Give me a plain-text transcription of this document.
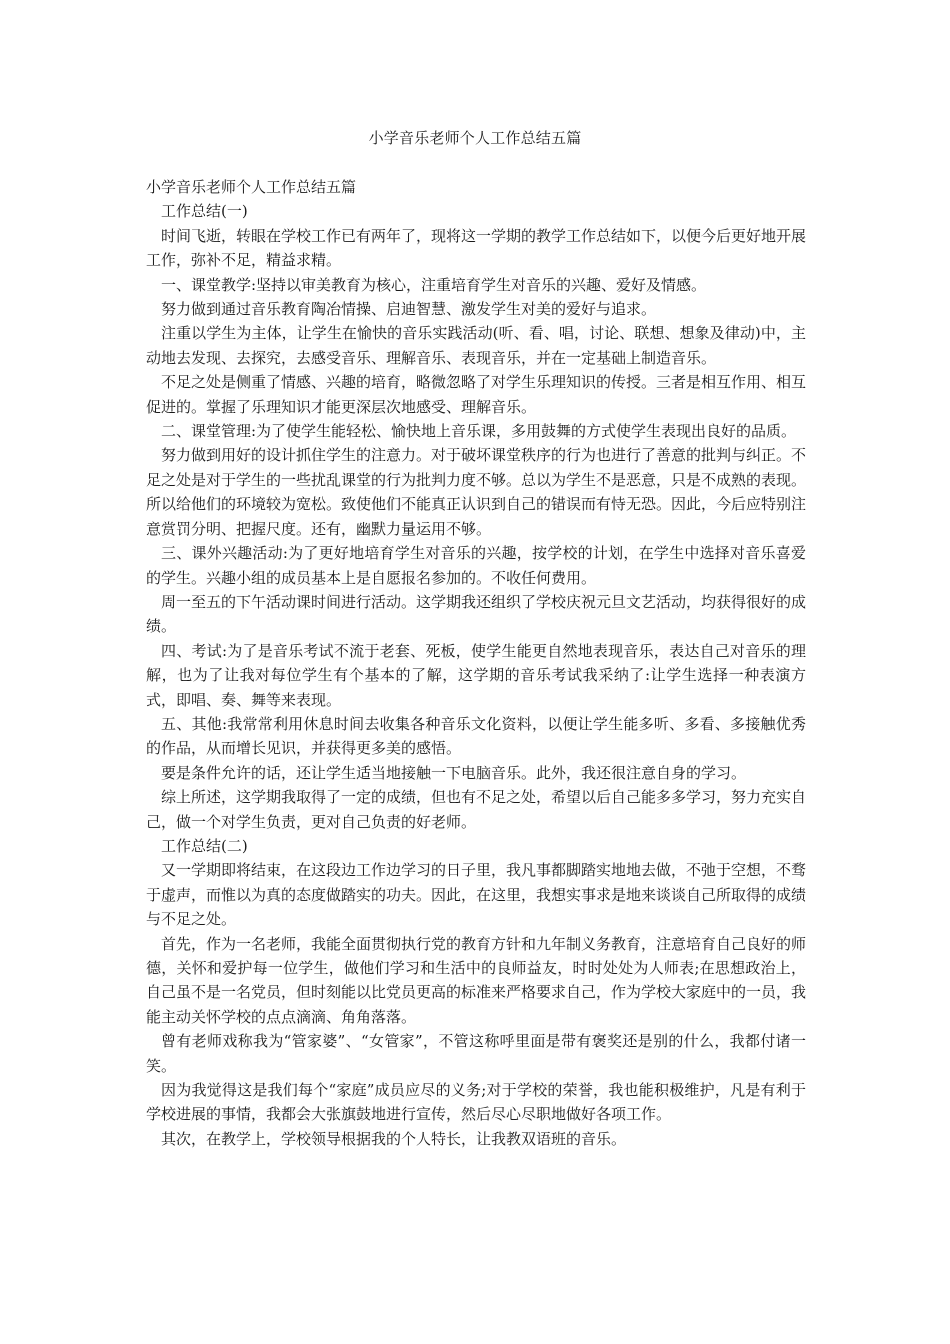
小学音乐老师个人工作总结五篇

小学音乐老师个人工作总结五篇

工作总结(一)

时间飞逝，转眼在学校工作已有两年了，现将这一学期的教学工作总结如下，以便今后更好地开展工作，弥补不足，精益求精。

一、课堂教学:坚持以审美教育为核心，注重培育学生对音乐的兴趣、爱好及情感。

努力做到通过音乐教育陶冶情操、启迪智慧、激发学生对美的爱好与追求。

注重以学生为主体，让学生在愉快的音乐实践活动(听、看、唱，讨论、联想、想象及律动)中，主动地去发现、去探究，去感受音乐、理解音乐、表现音乐，并在一定基础上制造音乐。

不足之处是侧重了情感、兴趣的培育，略微忽略了对学生乐理知识的传授。三者是相互作用、相互促进的。掌握了乐理知识才能更深层次地感受、理解音乐。

二、课堂管理:为了使学生能轻松、愉快地上音乐课，多用鼓舞的方式使学生表现出良好的品质。

努力做到用好的设计抓住学生的注意力。对于破坏课堂秩序的行为也进行了善意的批判与纠正。不足之处是对于学生的一些扰乱课堂的行为批判力度不够。总以为学生不是恶意，只是不成熟的表现。所以给他们的环境较为宽松。致使他们不能真正认识到自己的错误而有恃无恐。因此，今后应特别注意赏罚分明、把握尺度。还有，幽默力量运用不够。

三、课外兴趣活动:为了更好地培育学生对音乐的兴趣，按学校的计划，在学生中选择对音乐喜爱的学生。兴趣小组的成员基本上是自愿报名参加的。不收任何费用。

周一至五的下午活动课时间进行活动。这学期我还组织了学校庆祝元旦文艺活动，均获得很好的成绩。

四、考试:为了是音乐考试不流于老套、死板，使学生能更自然地表现音乐，表达自己对音乐的理解，也为了让我对每位学生有个基本的了解，这学期的音乐考试我采纳了:让学生选择一种表演方式，即唱、奏、舞等来表现。

五、其他:我常常利用休息时间去收集各种音乐文化资料，以便让学生能多听、多看、多接触优秀的作品，从而增长见识，并获得更多美的感悟。

要是条件允许的话，还让学生适当地接触一下电脑音乐。此外，我还很注意自身的学习。

综上所述，这学期我取得了一定的成绩，但也有不足之处，希望以后自己能多多学习，努力充实自己，做一个对学生负责，更对自己负责的好老师。

工作总结(二)

又一学期即将结束，在这段边工作边学习的日子里，我凡事都脚踏实地地去做，不弛于空想，不骛于虚声，而惟以为真的态度做踏实的功夫。因此，在这里，我想实事求是地来谈谈自己所取得的成绩与不足之处。

首先，作为一名老师，我能全面贯彻执行党的教育方针和九年制义务教育，注意培育自己良好的师德，关怀和爱护每一位学生，做他们学习和生活中的良师益友，时时处处为人师表;在思想政治上，自己虽不是一名党员，但时刻能以比党员更高的标准来严格要求自己，作为学校大家庭中的一员，我能主动关怀学校的点点滴滴、角角落落。

曾有老师戏称我为“管家婆”、“女管家”，不管这称呼里面是带有褒奖还是别的什么，我都付诸一笑。

因为我觉得这是我们每个“家庭”成员应尽的义务;对于学校的荣誉，我也能积极维护，凡是有利于学校进展的事情，我都会大张旗鼓地进行宣传，然后尽心尽职地做好各项工作。

其次，在教学上，学校领导根据我的个人特长，让我教双语班的音乐。
